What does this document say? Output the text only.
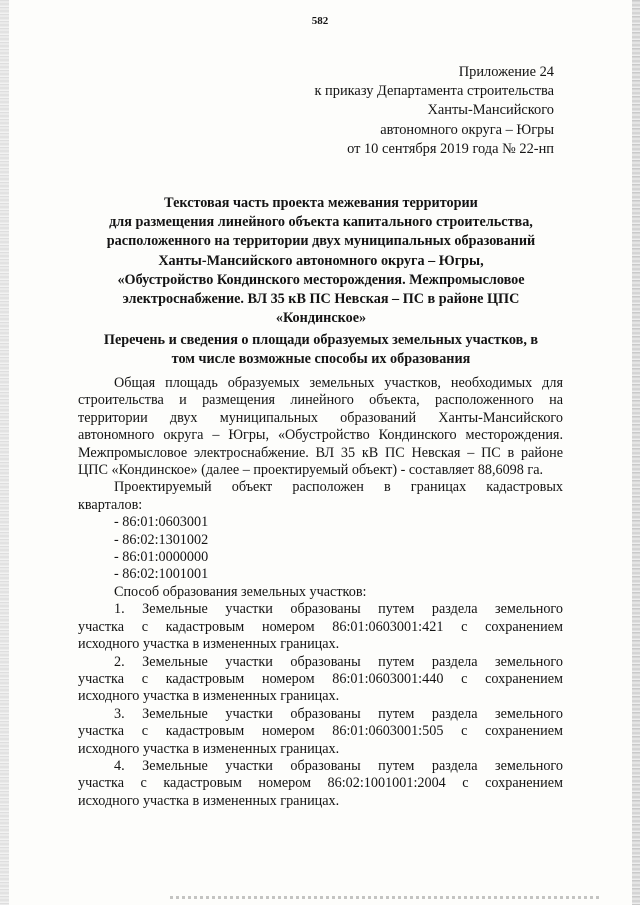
582
Приложение 24
к приказу Департамента строительства
Ханты-Мансийского
автономного округа – Югры
от 10 сентября 2019 года № 22-нп
Текстовая часть проекта межевания территории
для размещения линейного объекта капитального строительства,
расположенного на территории двух муниципальных образований
Ханты-Мансийского автономного округа – Югры,
«Обустройство Кондинского месторождения. Межпромысловое
электроснабжение. ВЛ 35 кВ ПС Невская – ПС в районе ЦПС
«Кондинское»
Перечень и сведения о площади образуемых земельных участков, в
том числе возможные способы их образования
Общая площадь образуемых земельных участков, необходимых для
строительства и размещения линейного объекта, расположенного на
территории двух муниципальных образований Ханты-Мансийского
автономного округа – Югры, «Обустройство Кондинского месторождения.
Межпромысловое электроснабжение. ВЛ 35 кВ ПС Невская – ПС в районе
ЦПС «Кондинское» (далее – проектируемый объект) - составляет 88,6098 га.
Проектируемый объект расположен в границах кадастровых
кварталов:
- 86:01:0603001
- 86:02:1301002
- 86:01:0000000
- 86:02:1001001
Способ образования земельных участков:
1. Земельные участки образованы путем раздела земельного
участка с кадастровым номером 86:01:0603001:421 с сохранением
исходного участка в измененных границах.
2. Земельные участки образованы путем раздела земельного
участка с кадастровым номером 86:01:0603001:440 с сохранением
исходного участка в измененных границах.
3. Земельные участки образованы путем раздела земельного
участка с кадастровым номером 86:01:0603001:505 с сохранением
исходного участка в измененных границах.
4. Земельные участки образованы путем раздела земельного
участка с кадастровым номером 86:02:1001001:2004 с сохранением
исходного участка в измененных границах.
